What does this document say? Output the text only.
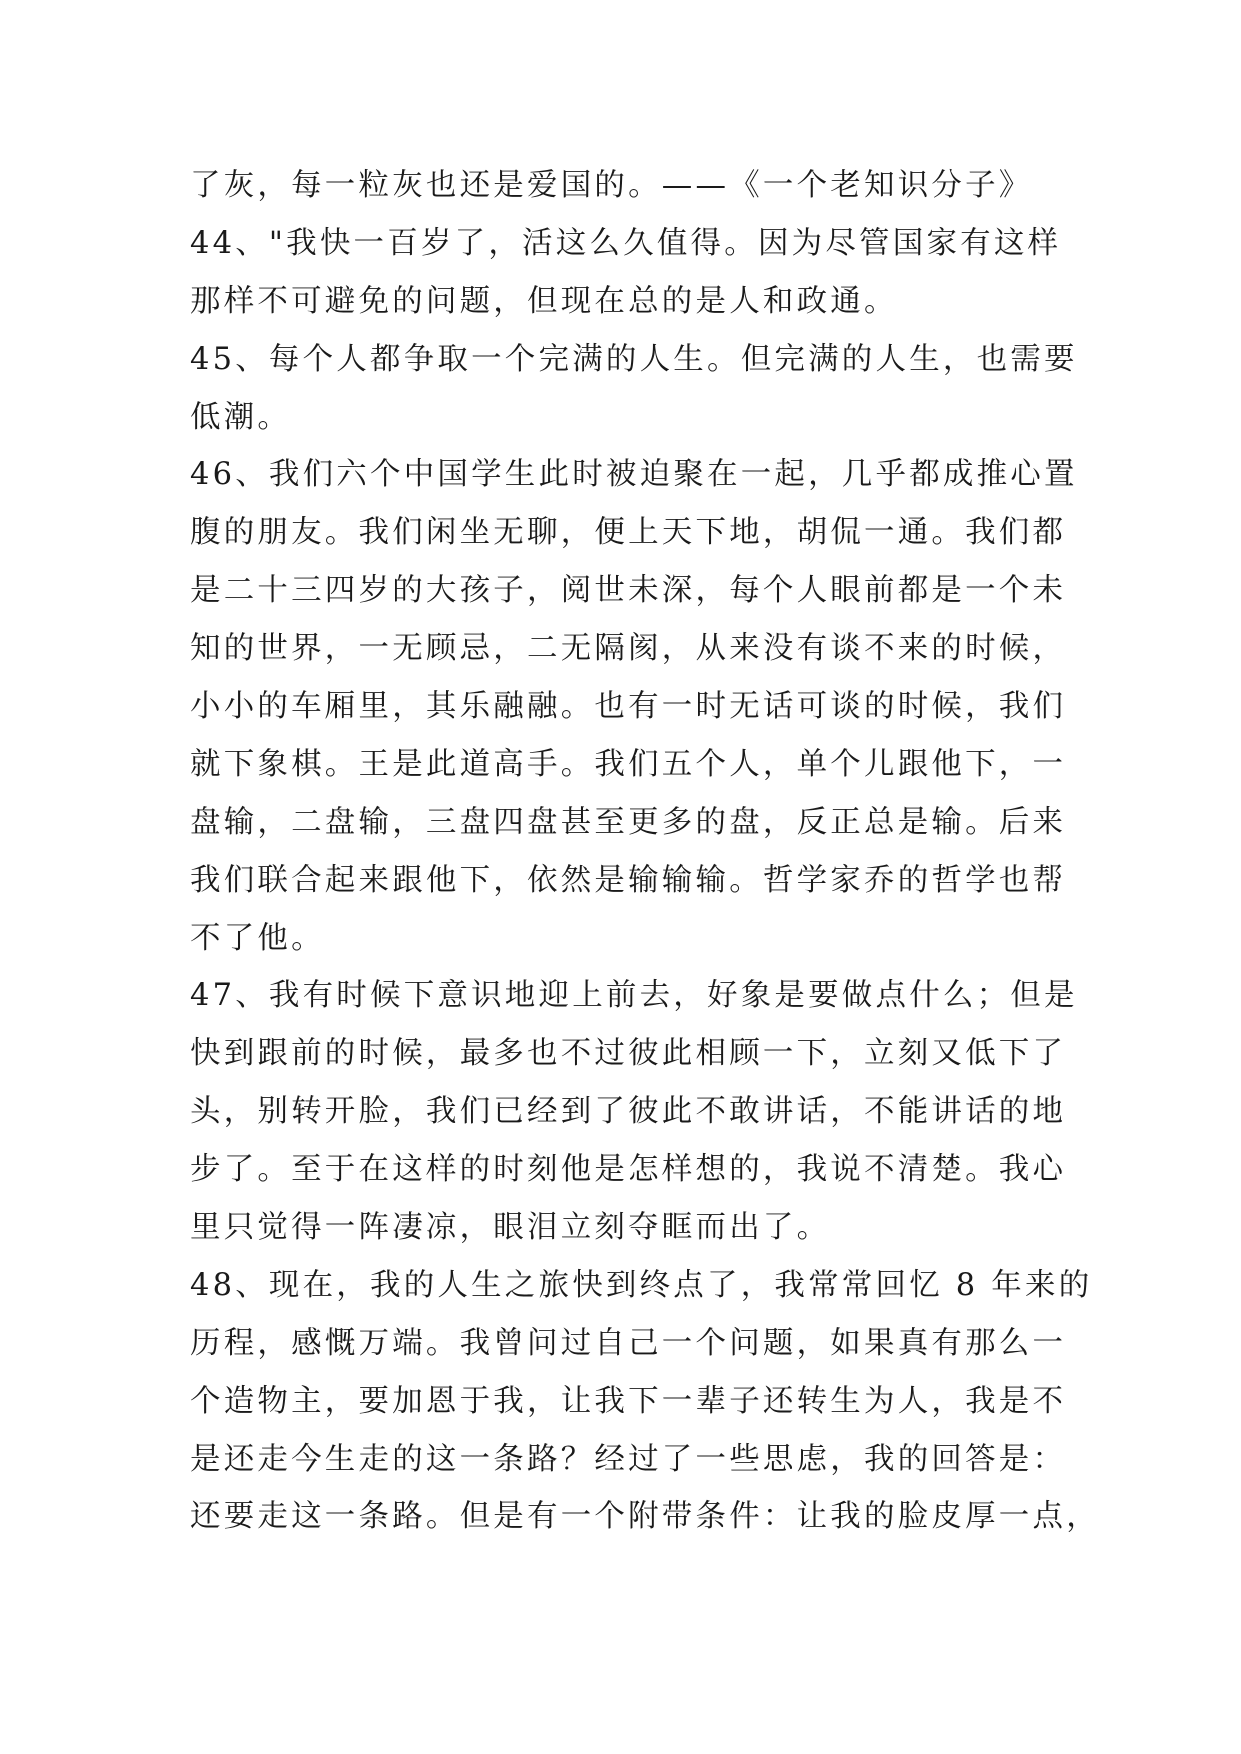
了灰，每一粒灰也还是爱国的。——《一个老知识分子》
44、"我快一百岁了，活这么久值得。因为尽管国家有这样
那样不可避免的问题，但现在总的是人和政通。
45、每个人都争取一个完满的人生。但完满的人生，也需要
低潮。
46、我们六个中国学生此时被迫聚在一起，几乎都成推心置
腹的朋友。我们闲坐无聊，便上天下地，胡侃一通。我们都
是二十三四岁的大孩子，阅世未深，每个人眼前都是一个未
知的世界，一无顾忌，二无隔阂，从来没有谈不来的时候，
小小的车厢里，其乐融融。也有一时无话可谈的时候，我们
就下象棋。王是此道高手。我们五个人，单个儿跟他下，一
盘输，二盘输，三盘四盘甚至更多的盘，反正总是输。后来
我们联合起来跟他下，依然是输输输。哲学家乔的哲学也帮
不了他。
47、我有时候下意识地迎上前去，好象是要做点什么；但是
快到跟前的时候，最多也不过彼此相顾一下，立刻又低下了
头，别转开脸，我们已经到了彼此不敢讲话，不能讲话的地
步了。至于在这样的时刻他是怎样想的，我说不清楚。我心
里只觉得一阵凄凉，眼泪立刻夺眶而出了。
48、现在，我的人生之旅快到终点了，我常常回忆 8 年来的
历程，感慨万端。我曾问过自己一个问题，如果真有那么一
个造物主，要加恩于我，让我下一辈子还转生为人，我是不
是还走今生走的这一条路？经过了一些思虑，我的回答是：
还要走这一条路。但是有一个附带条件：让我的脸皮厚一点，
